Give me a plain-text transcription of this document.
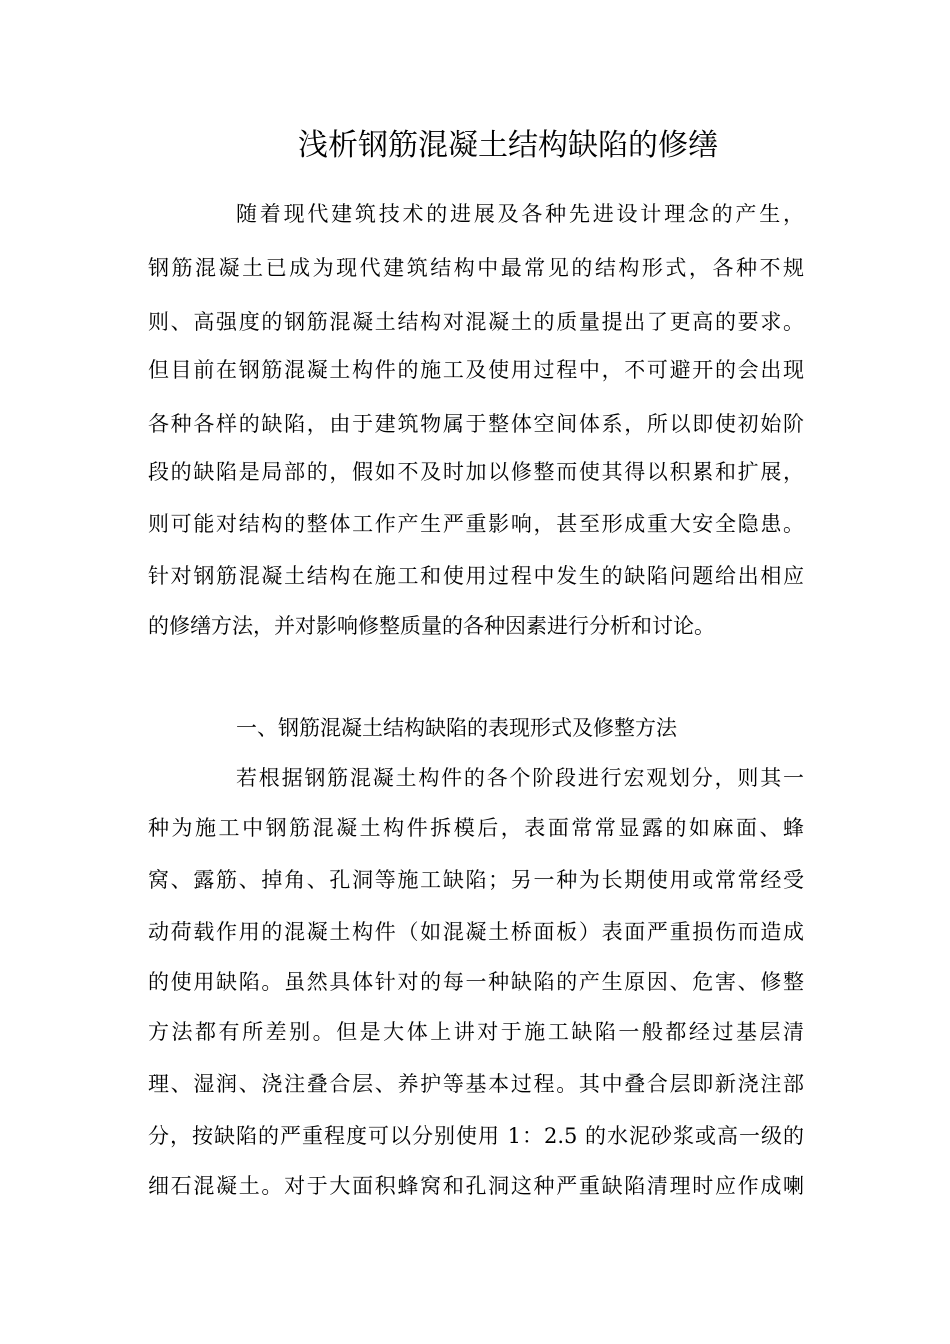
浅析钢筋混凝土结构缺陷的修缮
随着现代建筑技术的进展及各种先进设计理念的产生，
钢筋混凝土已成为现代建筑结构中最常见的结构形式，各种不规
则、高强度的钢筋混凝土结构对混凝土的质量提出了更高的要求。
但目前在钢筋混凝土构件的施工及使用过程中，不可避开的会出现
各种各样的缺陷，由于建筑物属于整体空间体系，所以即使初始阶
段的缺陷是局部的，假如不及时加以修整而使其得以积累和扩展，
则可能对结构的整体工作产生严重影响，甚至形成重大安全隐患。
针对钢筋混凝土结构在施工和使用过程中发生的缺陷问题给出相应
的修缮方法，并对影响修整质量的各种因素进行分析和讨论。
一、钢筋混凝土结构缺陷的表现形式及修整方法
若根据钢筋混凝土构件的各个阶段进行宏观划分，则其一
种为施工中钢筋混凝土构件拆模后，表面常常显露的如麻面、蜂
窝、露筋、掉角、孔洞等施工缺陷；另一种为长期使用或常常经受
动荷载作用的混凝土构件（如混凝土桥面板）表面严重损伤而造成
的使用缺陷。虽然具体针对的每一种缺陷的产生原因、危害、修整
方法都有所差别。但是大体上讲对于施工缺陷一般都经过基层清
理、湿润、浇注叠合层、养护等基本过程。其中叠合层即新浇注部
分，按缺陷的严重程度可以分别使用 1：2.5 的水泥砂浆或高一级的
细石混凝土。对于大面积蜂窝和孔洞这种严重缺陷清理时应作成喇
